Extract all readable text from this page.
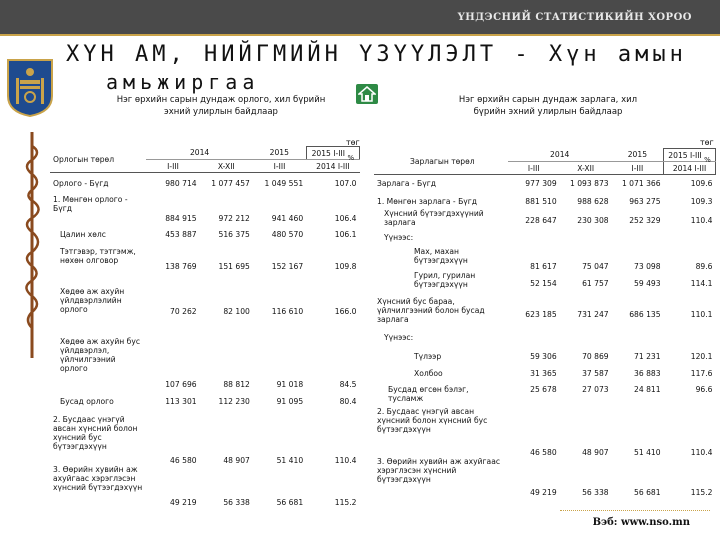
ҮНДЭСНИЙ СТАТИСТИКИЙН ХОРОО
ХҮН АМ, НИЙГМИЙН ҮЗҮҮЛЭЛТ - Хүн амын
амьжиргаа
Нэг өрхийн сарын дундаж орлого, хил бүрийн эхний улирлын байдлаар
Нэг өрхийн сарын дундаж зарлага, хил бүрийн эхний улирлын байдлаар
төг	төг
Орлогын төрөл	2014		2015	2015 I-III %
	I-III	X-XII	I-III	2014 I-III

Орлого - Бүгд	980 714	1 077 457	1 049 551	107.0
1. Мөнгөн орлого - Бүгд	884 915	972 212	941 460	106.4
Цалин хөлс	453 887	516 375	480 570	106.1
Тэтгэвэр, тэтгэмж, нөхөн олговор	138 769	151 695	152 167	109.8
Хөдөө аж ахуйн үйлдвэрлэлийн орлого	70 262	82 100	116 610	166.0
Хөдөө аж ахуйн бус үйлдвэрлэл, үйлчилгээний орлого	107 696	88 812	91 018	84.5
Бусад орлого	113 301	112 230	91 095	80.4
2. Бусдаас үнэгүй авсан хүнсний болон хүнсний бус бүтээгдэхүүн	46 580	48 907	51 410	110.4
3. Өөрийн хувийн аж ахуйгаас хэрэглэсэн хүнсний бүтээгдэхүүн	49 219	56 338	56 681	115.2
Зарлагын төрөл	2014		2015	2015 I-III %
	I-III	X-XII	I-III	2014 I-III

Зарлага - Бүгд	977 309	1 093 873	1 071 366	109.6
1. Мөнгөн зарлага - Бүгд	881 510	988 628	963 275	109.3
Хүнсний бүтээгдэхүүний зарлага	228 647	230 308	252 329	110.4
Үүнээс:				
Мах, махан бүтээгдэхүүн	81 617	75 047	73 098	89.6
Гурил, гурилан бүтээгдэхүүн	52 154	61 757	59 493	114.1
Хүнсний бус бараа, үйлчилгээний болон бусад зарлага	623 185	731 247	686 135	110.1
Үүнээс:				
Түлээр	59 306	70 869	71 231	120.1
Холбоо	31 365	37 587	36 883	117.6
Бусдад өгсөн бэлэг, тусламж	25 678	27 073	24 811	96.6
2. Бусдаас үнэгүй авсан хүнсний болон хүнсний бус бүтээгдэхүүн	46 580	48 907	51 410	110.4
3. Өөрийн хувийн аж ахуйгаас хэрэглэсэн хүнсний бүтээгдэхүүн	49 219	56 338	56 681	115.2
Вэб: www.nso.mn
